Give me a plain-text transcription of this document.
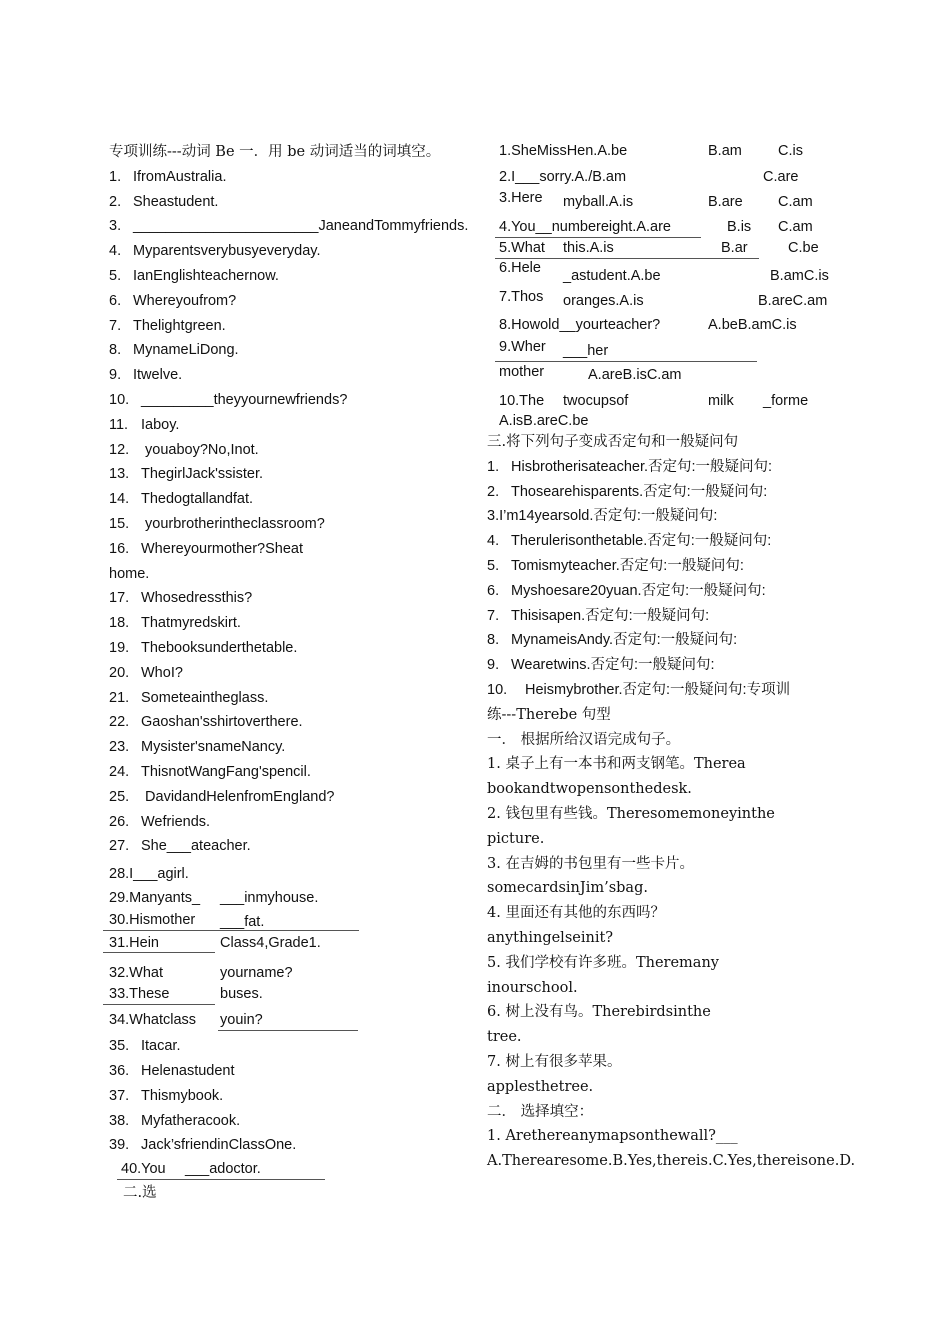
专项训练---动词 Be 一．用 be 动词适当的词填空。
1. IfromAustralia.
2. Sheastudent.
3. _______________________JaneandTommyfriends.
4. Myparentsverybusyeveryday.
5. IanEnglishteachernow.
6. Whereyoufrom?
7. Thelightgreen.
8. MynameLiDong.
9. Itwelve.
10. _________theyyournewfriends?
11. Iaboy.
12. youaboy?No,Inot.
13. ThegirlJack'ssister.
14. Thedogtallandfat.
15. yourbrotherintheclassroom?
16. Whereyourmother?Sheat
home.
17. Whosedressthis?
18. Thatmyredskirt.
19. Thebooksunderthetable.
20. WhoI?
21. Someteaintheglass.
22. Gaoshan'sshirtoverthere.
23. Mysister'snameNancy.
24. ThisnotWangFang'spencil.
25. DavidandHelenfromEngland?
26. Wefriends.
27. She___ateacher.
28.I___agirl.
29.Manyants_ ___inmyhouse.
30.Hismother ___fat.
31.Hein	Class4,Grade1.
32.What	yourname?
33.These	buses.
34.Whatclass youin?
35. Itacar.
36. Helenastudent
37. Thismybook.
38. Myfatheracook.
39. Jack’sfriendinClassOne.
40.You ___adoctor.
二.选
1.SheMissHen.A.be	B.am C.is
2.I___sorry.A./B.am	C.are
3.Here myball.A.is	B.are C.am
4.You__numbereight.A.are	B.is C.am
5.What this.A.is	B.ar	C.be
6.Hele _astudent.A.be	B.amC.is
7.Thos oranges.A.is	B.areC.am
8.Howold__yourteacher?	A.beB.amC.is
9.Wher ___her
mother	A.areB.isC.am
10.The twocupsof	milk _forme
A.isB.areC.be
三.将下列句子变成否定句和一般疑问句
1. Hisbrotherisateacher.否定句:一般疑问句:
2. Thosearehisparents.否定句:一般疑问句:
3.I’m14yearsold.否定句:一般疑问句:
4. Therulerisonthetable.否定句:一般疑问句:
5. Tomismyteacher.否定句:一般疑问句:
6. Myshoesare20yuan.否定句:一般疑问句:
7. Thisisapen.否定句:一般疑问句:
8. MynameisAndy.否定句:一般疑问句:
9. Wearetwins.否定句:一般疑问句:
10. Heismybrother.否定句:一般疑问句:专项训
练---Therebe 句型
一． 根据所给汉语完成句子。
1. 桌子上有一本书和两支钢笔。Therea
bookandtwopensonthedesk.
2. 钱包里有些钱。Theresomemoneyinthe
picture.
3. 在吉姆的书包里有一些卡片。
somecardsinJim’sbag.
4. 里面还有其他的东西吗？
anythingelseinit?
5. 我们学校有许多班。Theremany
inourschool.
6. 树上没有鸟。Therebirdsinthe
tree.
7. 树上有很多苹果。
applesthetree.
二． 选择填空：
1. Arethereanymapsonthewall?___
A.Therearesome.B.Yes,thereis.C.Yes,thereisone.D.
